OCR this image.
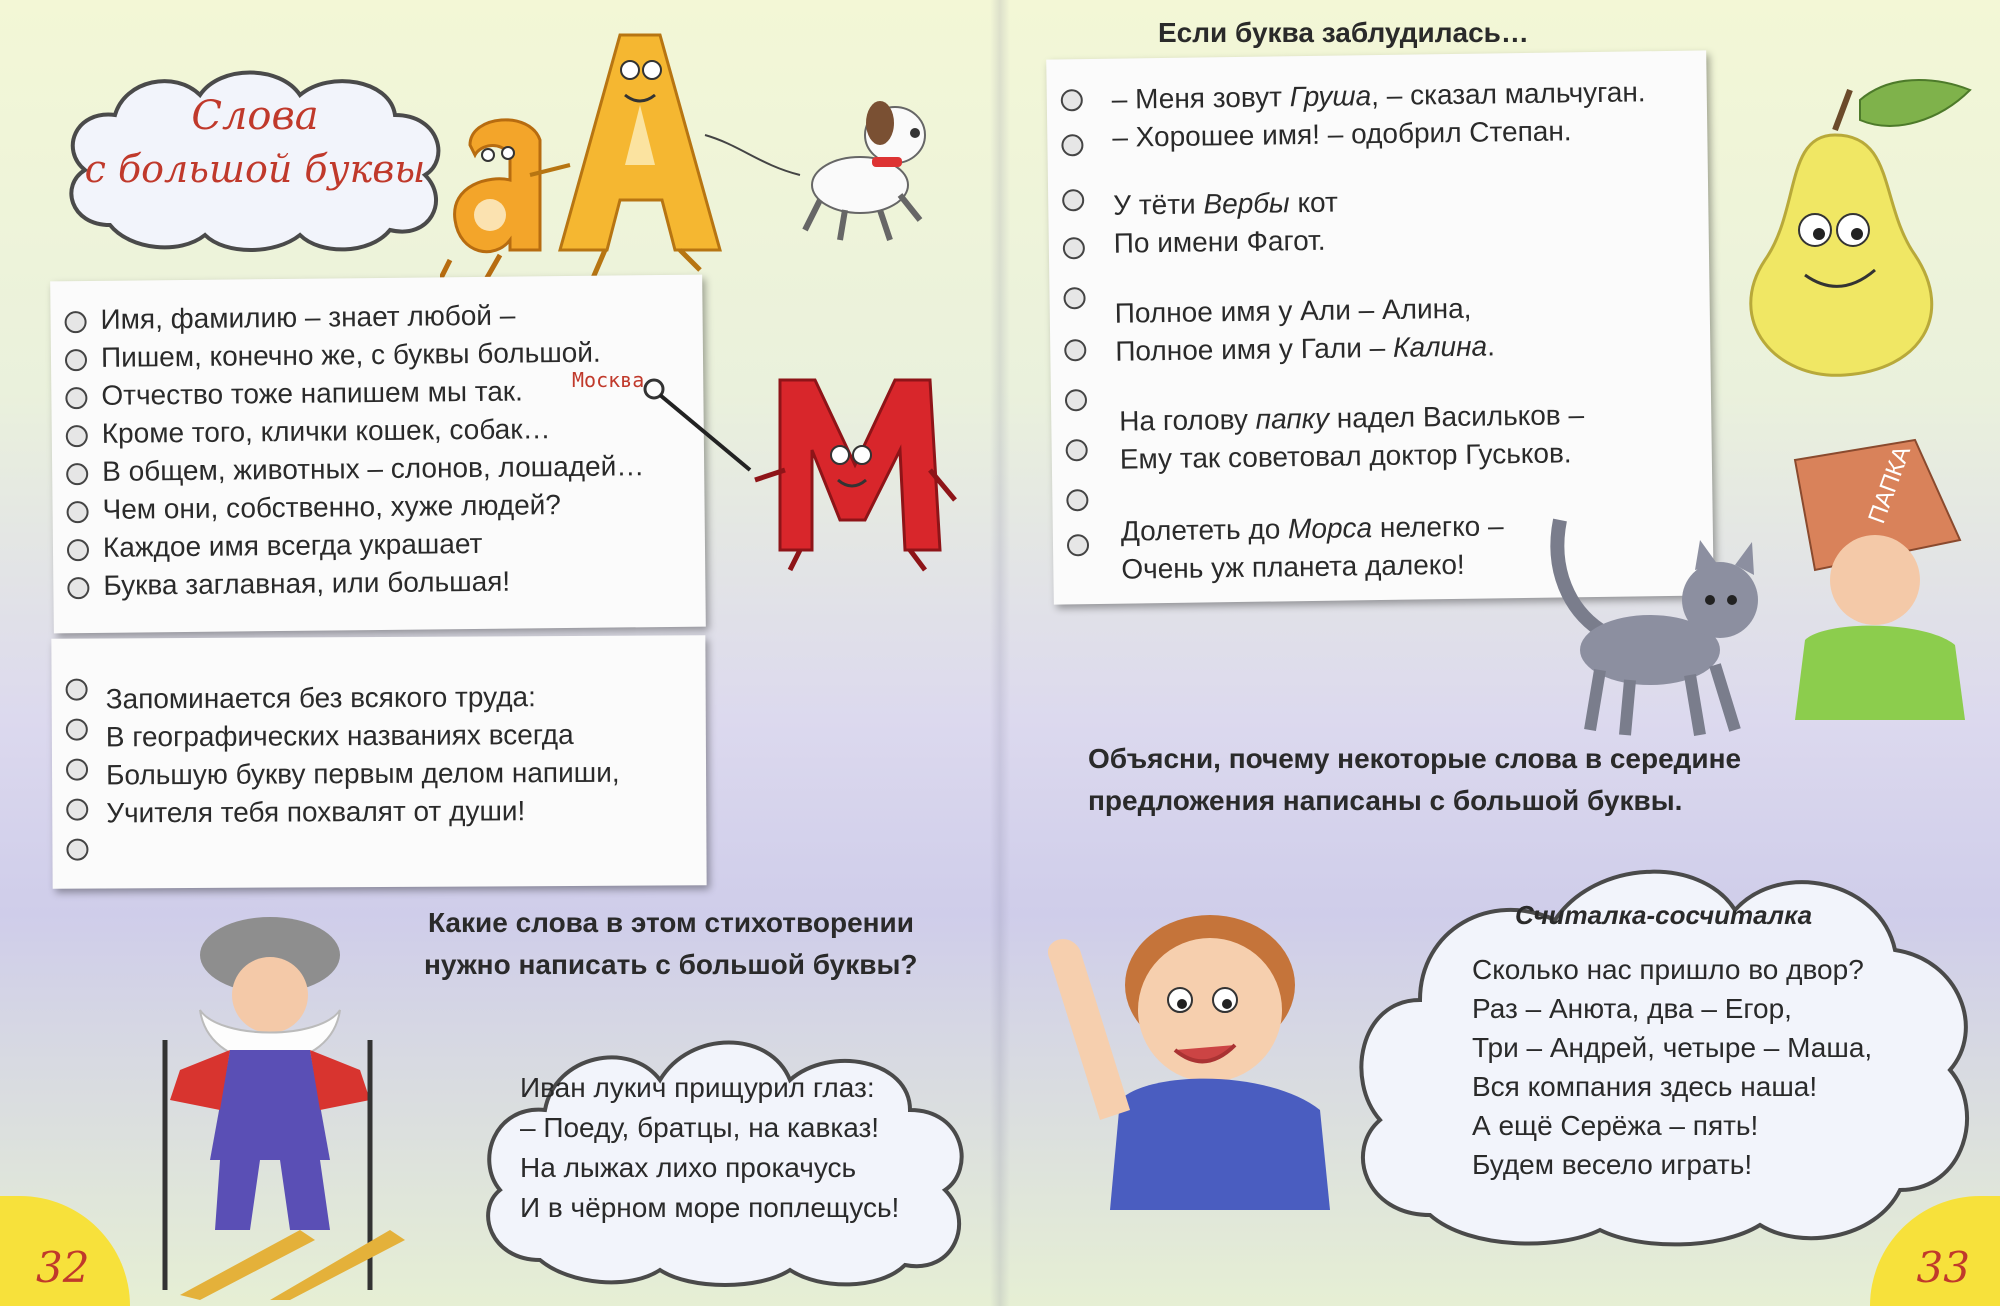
Слова
с большой буквы
Имя, фамилию – знает любой –
Пишем, конечно же, с буквы большой.
Отчество тоже напишем мы так.
Кроме того, клички кошек, собак…
В общем, животных – слонов, лошадей…
Чем они, собственно, хуже людей?
Каждое имя всегда украшает
Буква заглавная, или большая!
Москва
Запоминается без всякого труда:
В географических названиях всегда
Большую букву первым делом напиши,
Учителя тебя похвалят от души!
Какие слова в этом стихотворении
нужно написать с большой буквы?
Иван лукич прищурил глаз:
– Поеду, братцы, на кавказ!
На лыжах лихо прокачусь
И в чёрном море поплещусь!
32
Если буква заблудилась…
– Меня зовут Груша, – сказал мальчуган.
– Хорошее имя! – одобрил Степан.
У тёти Вербы кот
По имени Фагот.
Полное имя у Али – Алина,
Полное имя у Гали – Калина.
На голову папку надел Васильков –
Ему так советовал доктор Гуськов.
Долететь до Морса нелегко –
Очень уж планета далеко!
ПАПКА
Объясни, почему некоторые слова в середине
предложения написаны с большой буквы.
Считалка-сосчиталка
Сколько нас пришло во двор?
Раз – Анюта, два – Егор,
Три – Андрей, четыре – Маша,
Вся компания здесь наша!
А ещё Серёжа – пять!
Будем весело играть!
33
